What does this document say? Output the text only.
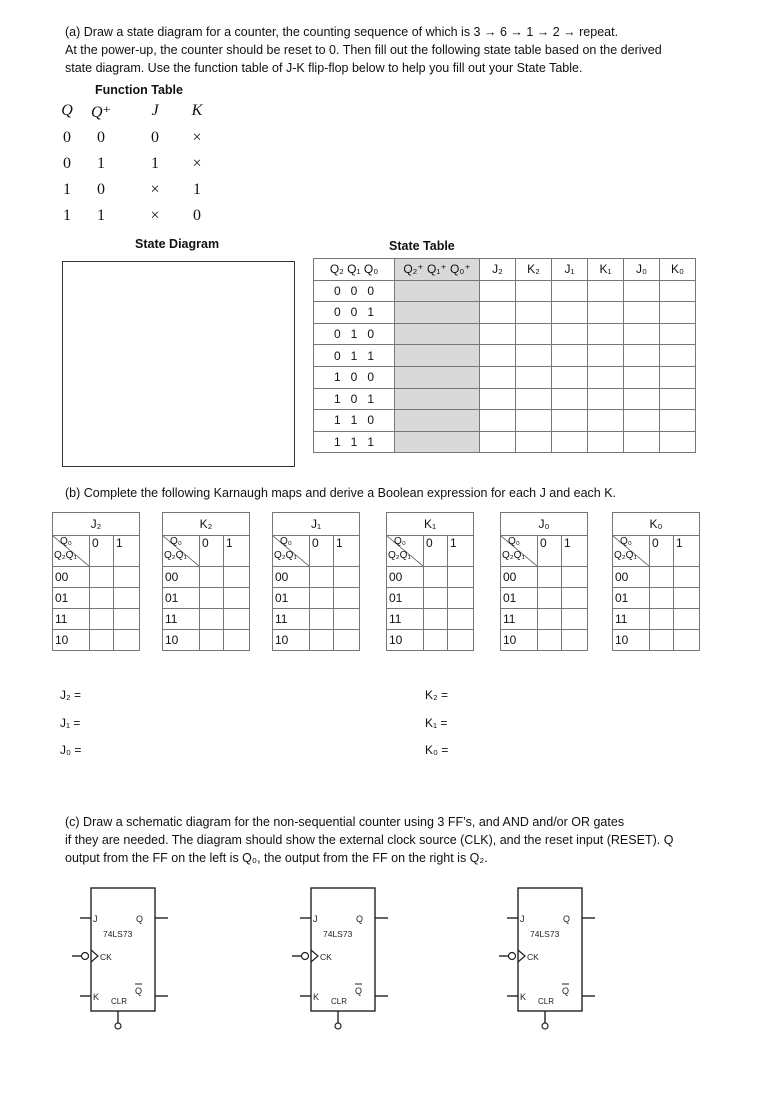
(a) Draw a state diagram for a counter, the counting sequence of which is 3 → 6 → 1 → 2 → repeat.
At the power-up, the counter should be reset to 0. Then fill out the following state table based on the derived
state diagram. Use the function table of J-K flip-flop below to help you fill out your State Table.
Function Table
Q	Q⁺	J	K
0	0	0	×
0	1	1	×
1	0	×	1
1	1	×	0
State Diagram	State Table
Q₂ Q₁ Q₀	Q₂⁺ Q₁⁺ Q₀⁺	J₂	K₂	J₁	K₁	J₀	K₀
0   0   0							
0   0   1							
0   1   0							
0   1   1							
1   0   0							
1   0   1							
1   1   0							
1   1   1							
(b) Complete the following Karnaugh maps and derive a Boolean expression for each J and each K.
J₂		

Q₀
Q₂Q₁	0	1
00		
01		
11		
10		
K₂		

Q₀
Q₂Q₁	0	1
00		
01		
11		
10		
J₁		

Q₀
Q₂Q₁	0	1
00		
01		
11		
10		
K₁		

Q₀
Q₂Q₁	0	1
00		
01		
11		
10		
J₀		

Q₀
Q₂Q₁	0	1
00		
01		
11		
10		
K₀		

Q₀
Q₂Q₁	0	1
00		
01		
11		
10		
J₂ =
J₁ =
J₀ =
K₂ =
K₁ =
K₀ =
(c) Draw a schematic diagram for the non-sequential counter using 3 FF’s, and AND and/or OR gates
if they are needed. The diagram should show the external clock source (CLK), and the reset input (RESET). Q
output from the FF on the left is Q₀, the output from the FF on the right is Q₂.
J	Q
74LS73
CK
K CLR
Q
J	Q
74LS73
CK
K CLR
Q
J	Q
74LS73
CK
K CLR
Q
